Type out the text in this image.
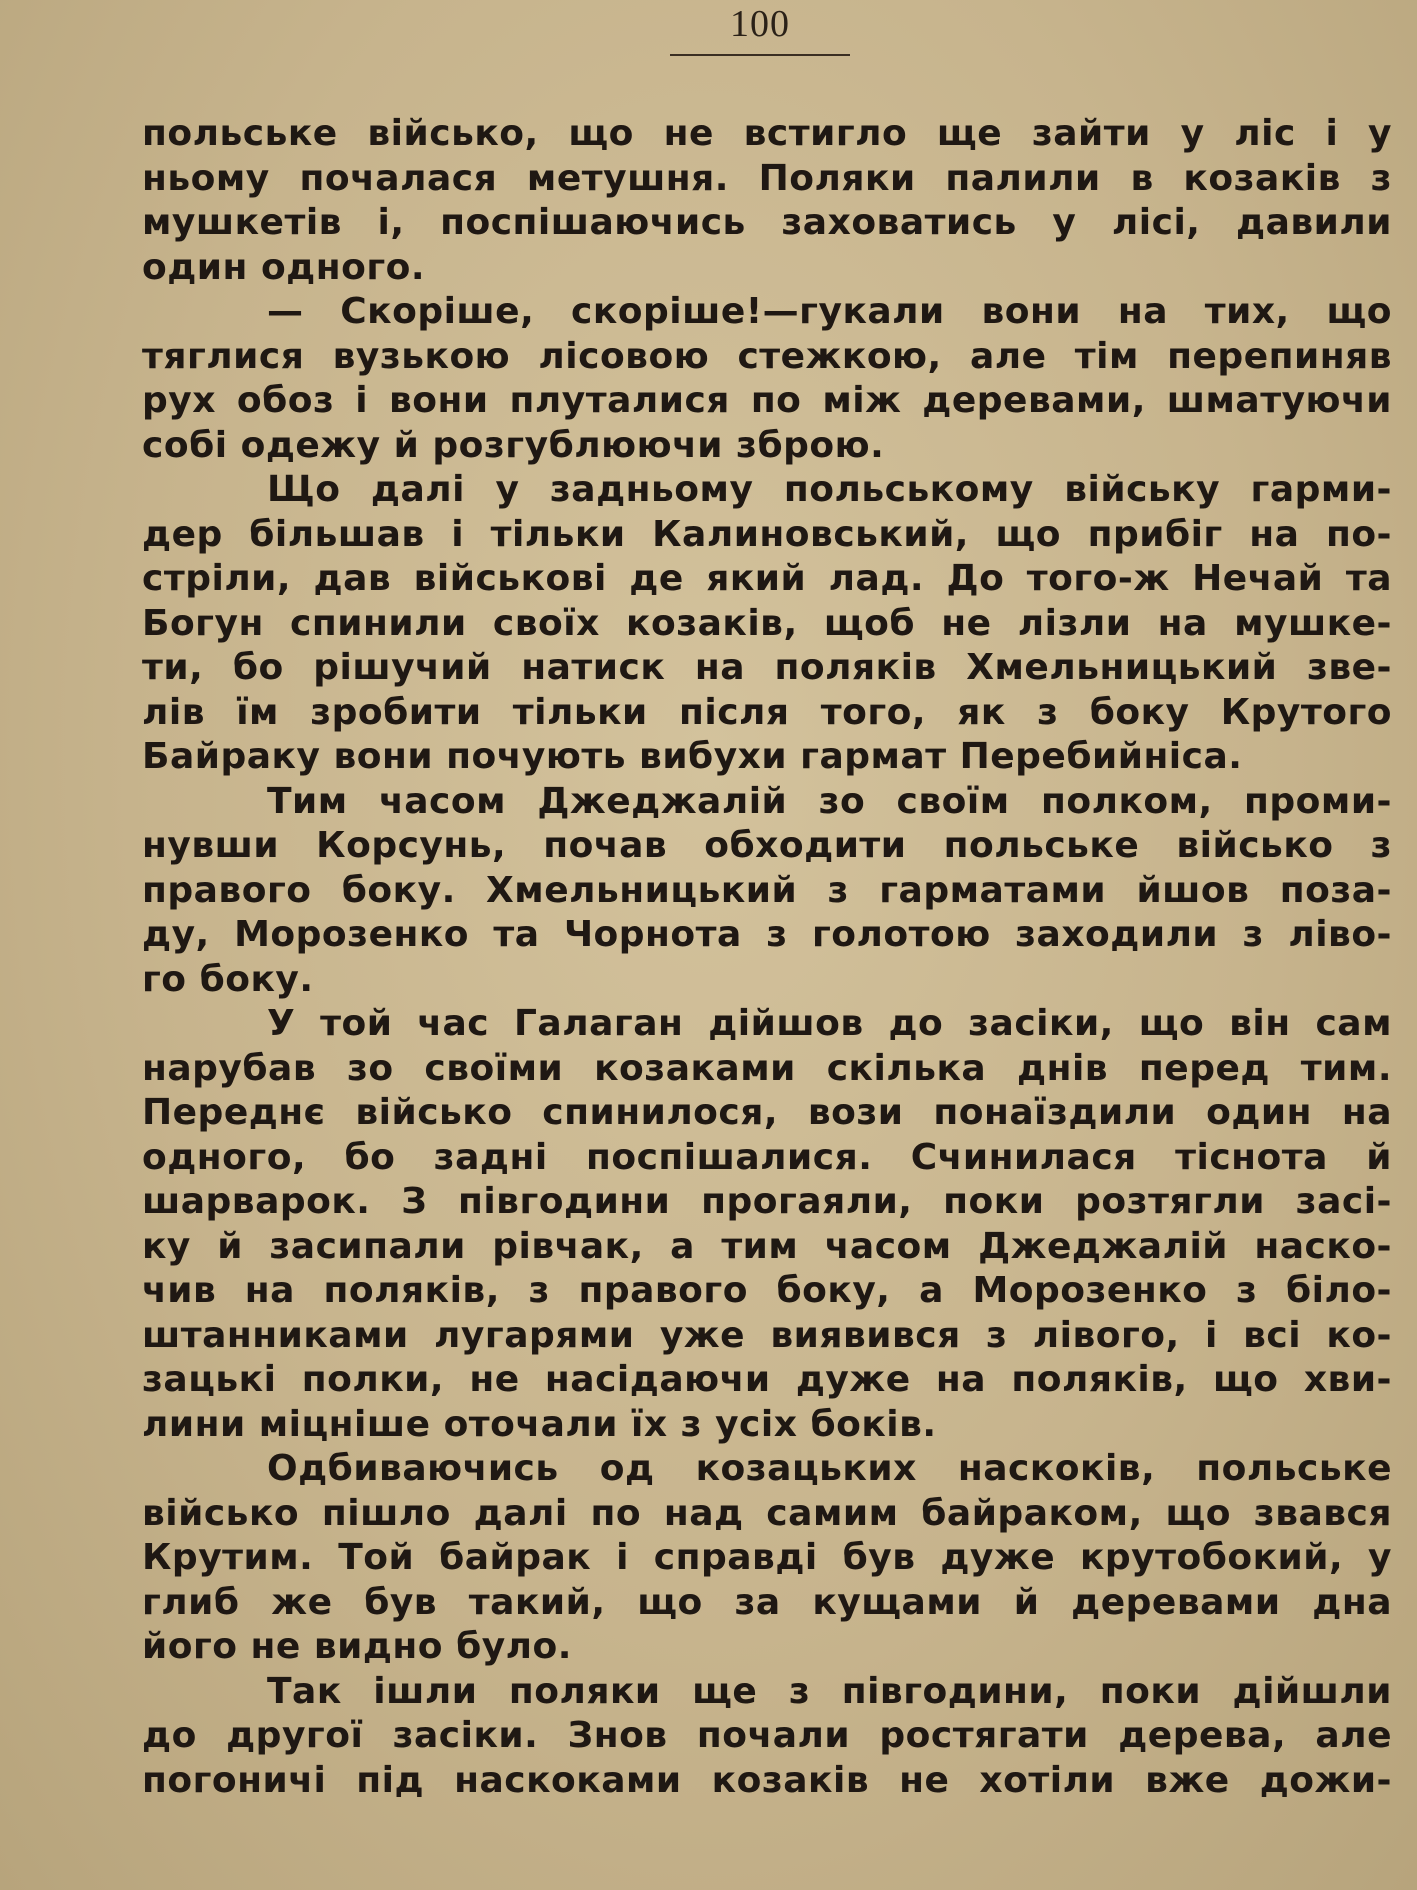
100
польське військо, що не встигло ще зайти у ліс і у
ньому почалася метушня. Поляки палили в козаків з
мушкетів і, поспішаючись заховатись у лісі, давили
один одного.
— Скоріше, скоріше!—гукали вони на тих, що
тяглися вузькою лісовою стежкою, але тім перепиняв
рух обоз і вони плуталися по між деревами, шматуючи
собі одежу й розгублюючи зброю.
Що далі у задньому польському війську гарми-
дер більшав і тільки Калиновський, що прибіг на по-
стріли, дав військові де який лад. До того-ж Нечай та
Богун спинили своїх козаків, щоб не лізли на мушке-
ти, бо рішучий натиск на поляків Хмельницький зве-
лів їм зробити тільки після того, як з боку Крутого
Байраку вони почують вибухи гармат Перебийніса.
Тим часом Джеджалій зо своїм полком, проми-
нувши Корсунь, почав обходити польське військо з
правого боку. Хмельницький з гарматами йшов поза-
ду, Морозенко та Чорнота з голотою заходили з ліво-
го боку.
У той час Галаган дійшов до засіки, що він сам
нарубав зо своїми козаками скілька днів перед тим.
Переднє військо спинилося, вози понаїздили один на
одного, бо задні поспішалися. Счинилася тіснота й
шарварок. З півгодини прогаяли, поки розтягли засі-
ку й засипали рівчак, а тим часом Джеджалій наско-
чив на поляків, з правого боку, а Морозенко з біло-
штанниками лугарями уже виявився з лівого, і всі ко-
зацькі полки, не насідаючи дуже на поляків, що хви-
лини міцніше оточали їх з усіх боків.
Одбиваючись од козацьких наскоків, польське
військо пішло далі по над самим байраком, що звався
Крутим. Той байрак і справді був дуже крутобокий, у
глиб же був такий, що за кущами й деревами дна
його не видно було.
Так ішли поляки ще з півгодини, поки дійшли
до другої засіки. Знов почали ростягати дерева, але
погоничі під наскоками козаків не хотіли вже дожи-
